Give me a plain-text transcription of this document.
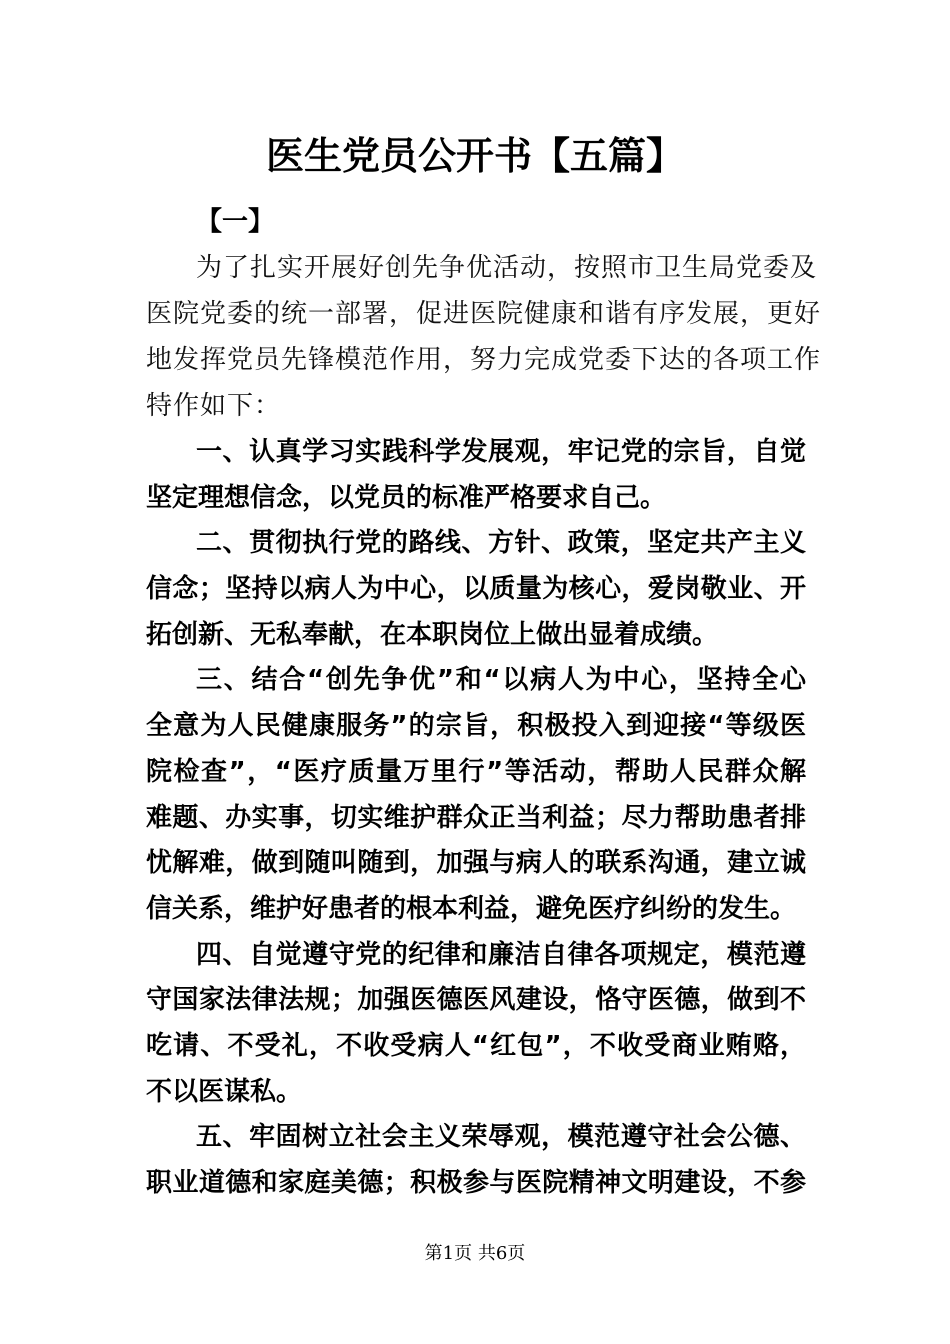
医生党员公开书【五篇】

【一】

为了扎实开展好创先争优活动，按照市卫生局党委及

医院党委的统一部署，促进医院健康和谐有序发展，更好

地发挥党员先锋模范作用，努力完成党委下达的各项工作

特作如下：

一、认真学习实践科学发展观，牢记党的宗旨，自觉

坚定理想信念，以党员的标准严格要求自己。

二、贯彻执行党的路线、方针、政策，坚定共产主义

信念；坚持以病人为中心，以质量为核心，爱岗敬业、开

拓创新、无私奉献，在本职岗位上做出显着成绩。

三、结合“创先争优”和“以病人为中心，坚持全心

全意为人民健康服务”的宗旨，积极投入到迎接“等级医

院检查”，“医疗质量万里行”等活动，帮助人民群众解

难题、办实事，切实维护群众正当利益；尽力帮助患者排

忧解难，做到随叫随到，加强与病人的联系沟通，建立诚

信关系，维护好患者的根本利益，避免医疗纠纷的发生。

四、自觉遵守党的纪律和廉洁自律各项规定，模范遵

守国家法律法规；加强医德医风建设，恪守医德，做到不

吃请、不受礼，不收受病人“红包”，不收受商业贿赂，

不以医谋私。

五、牢固树立社会主义荣辱观，模范遵守社会公德、

职业道德和家庭美德；积极参与医院精神文明建设，不参

第1页 共6页
